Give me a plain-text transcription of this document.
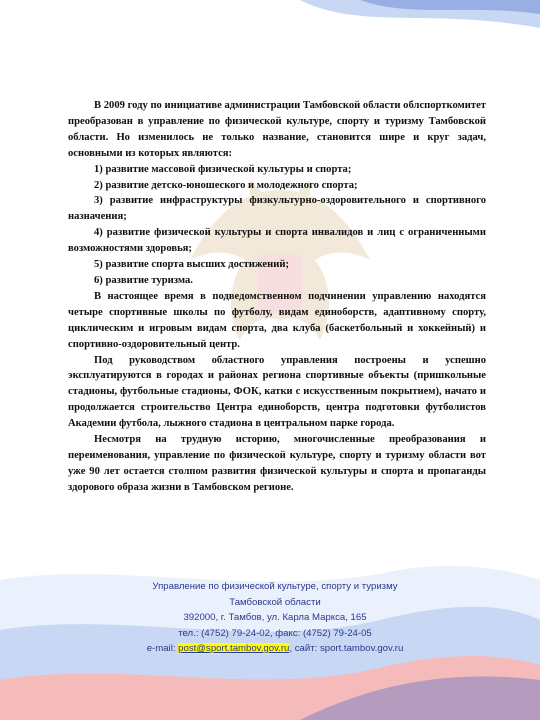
В 2009 году по инициативе администрации Тамбовской области облспорткомитет преобразован в управление по физической культуре, спорту и туризму Тамбовской области. Но изменилось не только название, становится шире и круг задач, основными из которых являются:

1) развитие массовой физической культуры и спорта;

2) развитие детско-юношеского и молодежного спорта;

3) развитие инфраструктуры физкультурно-оздоровительного и спортивного назначения;

4) развитие физической культуры и спорта инвалидов и лиц с ограниченными возможностями здоровья;

5) развитие спорта высших достижений;

6) развитие туризма.

В настоящее время в подведомственном подчинении управлению находятся четыре спортивные школы по футболу, видам единоборств, адаптивному спорту, циклическим и игровым видам спорта, два клуба (баскетбольный и хоккейный) и спортивно-оздоровительный центр.

Под руководством областного управления построены и успешно эксплуатируются в городах и районах региона спортивные объекты (пришкольные стадионы, футбольные стадионы, ФОК, катки с искусственным покрытием), начато и продолжается строительство Центра единоборств, центра подготовки футболистов Академии футбола, лыжного стадиона в центральном парке города.

Несмотря на трудную историю, многочисленные преобразования и переименования, управление по физической культуре, спорту и туризму области вот уже 90 лет остается столпом развития физической культуры и спорта и пропаганды здорового образа жизни в Тамбовском регионе.

Управление по физической культуре, спорту и туризму
Тамбовской области
392000, г. Тамбов, ул. Карла Маркса, 165
тел.: (4752) 79-24-02, факс: (4752) 79-24-05
e-mail: post@sport.tambov.gov.ru, сайт: sport.tambov.gov.ru
